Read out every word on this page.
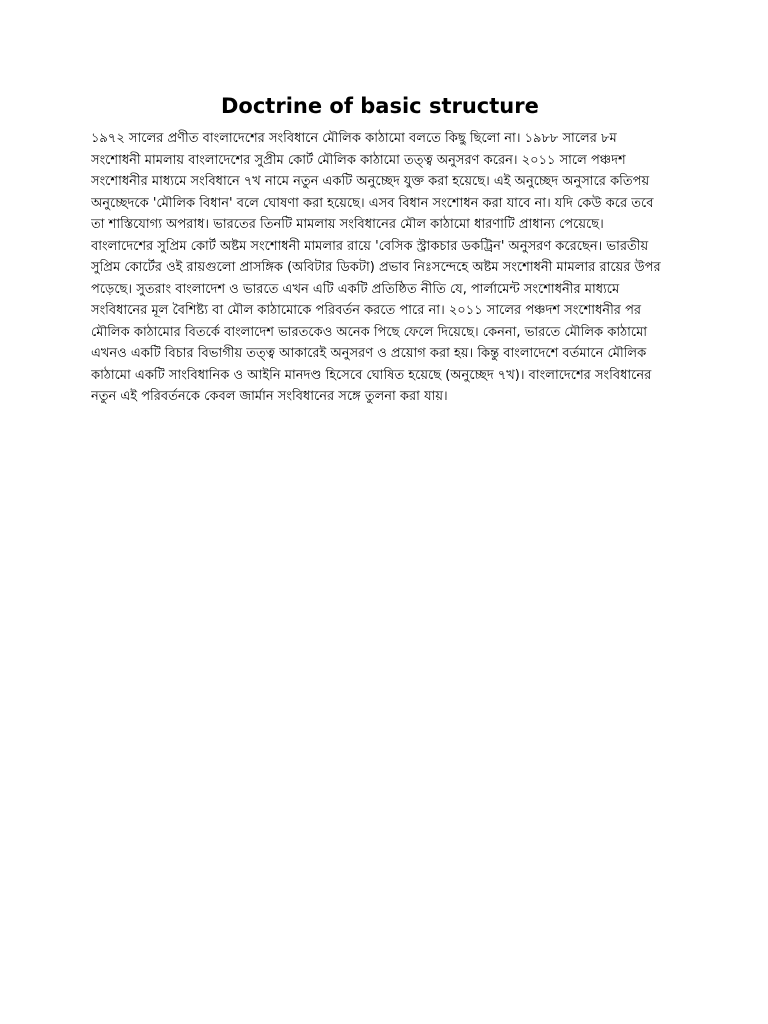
Doctrine of basic structure
১৯৭২ সালের প্রণীত বাংলাদেশের সংবিধানে মৌলিক কাঠামো বলতে কিছু ছিলো না। ১৯৮৮ সালের ৮ম
সংশোধনী মামলায় বাংলাদেশের সুপ্রীম কোর্ট মৌলিক কাঠামো তত্ত্ব অনুসরণ করেন। ২০১১ সালে পঞ্চদশ
সংশোধনীর মাধ্যমে সংবিধানে ৭খ নামে নতুন একটি অনুচ্ছেদ যুক্ত করা হয়েছে। এই অনুচ্ছেদ অনুসারে কতিপয়
অনুচ্ছেদকে 'মৌলিক বিধান' বলে ঘোষণা করা হয়েছে। এসব বিধান সংশোধন করা যাবে না। যদি কেউ করে তবে
তা শাস্তিযোগ্য অপরাধ। ভারতের তিনটি মামলায় সংবিধানের মৌল কাঠামো ধারণাটি প্রাধান্য পেয়েছে।
বাংলাদেশের সুপ্রিম কোর্ট অষ্টম সংশোধনী মামলার রায়ে 'বেসিক স্ট্রাকচার ডকট্রিন' অনুসরণ করেছেন। ভারতীয়
সুপ্রিম কোর্টের ওই রায়গুলো প্রাসঙ্গিক (অবিটার ডিকটা) প্রভাব নিঃসন্দেহে অষ্টম সংশোধনী মামলার রায়ের উপর
পড়েছে। সুতরাং বাংলাদেশ ও ভারতে এখন এটি একটি প্রতিষ্ঠিত নীতি যে, পার্লামেন্ট সংশোধনীর মাধ্যমে
সংবিধানের মূল বৈশিষ্ট্য বা মৌল কাঠামোকে পরিবর্তন করতে পারে না। ২০১১ সালের পঞ্চদশ সংশোধনীর পর
মৌলিক কাঠামোর বিতর্কে বাংলাদেশ ভারতকেও অনেক পিছে ফেলে দিয়েছে। কেননা, ভারতে মৌলিক কাঠামো
এখনও একটি বিচার বিভাগীয় তত্ত্ব আকারেই অনুসরণ ও প্রয়োগ করা হয়। কিন্তু বাংলাদেশে বর্তমানে মৌলিক
কাঠামো একটি সাংবিধানিক ও আইনি মানদণ্ড হিসেবে ঘোষিত হয়েছে (অনুচ্ছেদ ৭খ)। বাংলাদেশের সংবিধানের
নতুন এই পরিবর্তনকে কেবল জার্মান সংবিধানের সঙ্গে তুলনা করা যায়।
